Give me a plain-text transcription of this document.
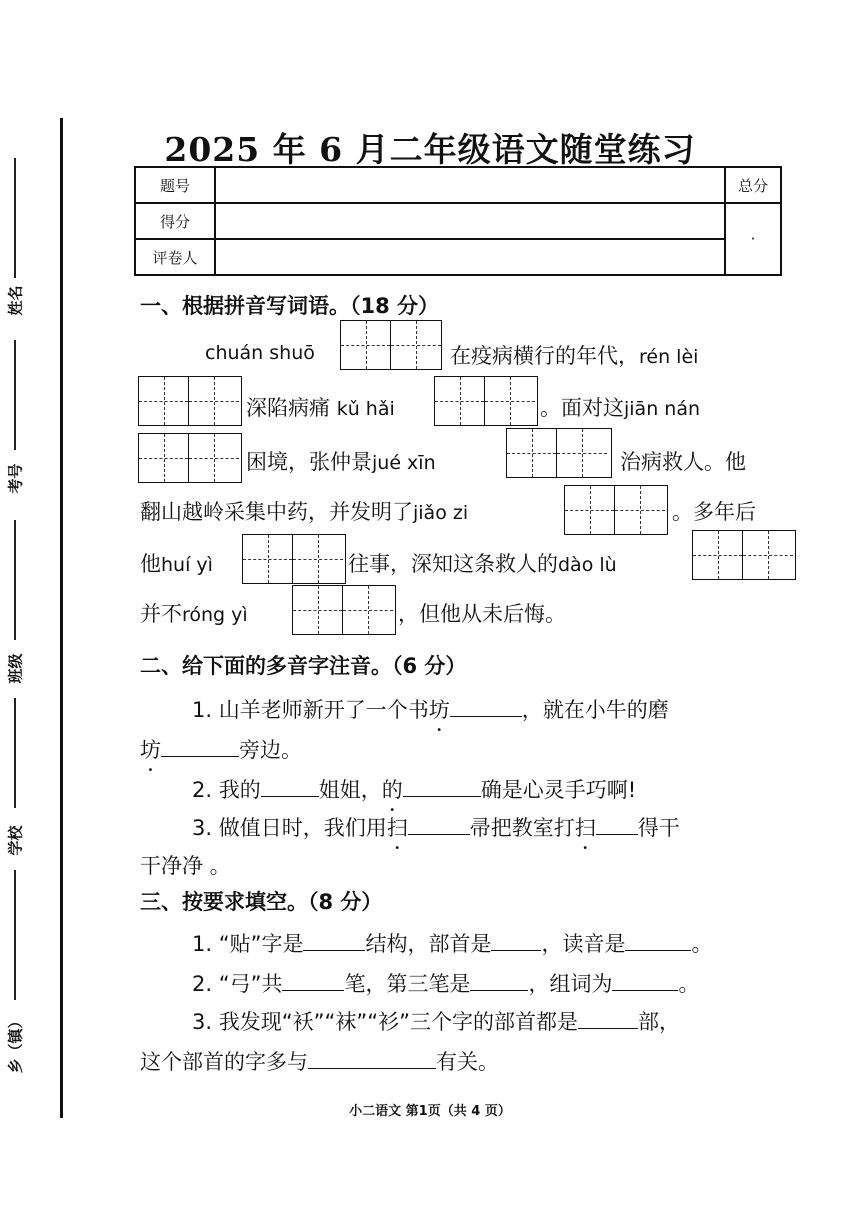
姓名
考号
班级
学校
乡（镇）
2025 年 6 月二年级语文随堂练习
题号		总分
得分		·
评卷人		
一、根据拼音写词语。（18 分）
chuán shuō	在疫病横行的年代，rén lèi
深陷病痛 kǔ hǎi	。面对这jiān nán
困境，张仲景jué xīn	治病救人。他
翻山越岭采集中药，并发明了jiǎo zi	。多年后
他huí yì	往事，深知这条救人的dào lù
并不róng yì	，但他从未后悔。
二、给下面的多音字注音。（6 分）
1. 山羊老师新开了一个书坊	，就在小牛的磨
坊	旁边。
2. 我的	姐姐，的	确是心灵手巧啊!
3. 做值日时，我们用扫	帚把教室打扫 得干
干净净 。
三、按要求填空。（8 分）
1. “贴”字是	结构，部首是 ，读音是	。
2. “弓”共	笔，第三笔是	，组词为	。
3. 我发现“袄”“袜”“衫”三个字的部首都是	部，
这个部首的字多与	有关。
小二语文 第1页（共 4 页）
